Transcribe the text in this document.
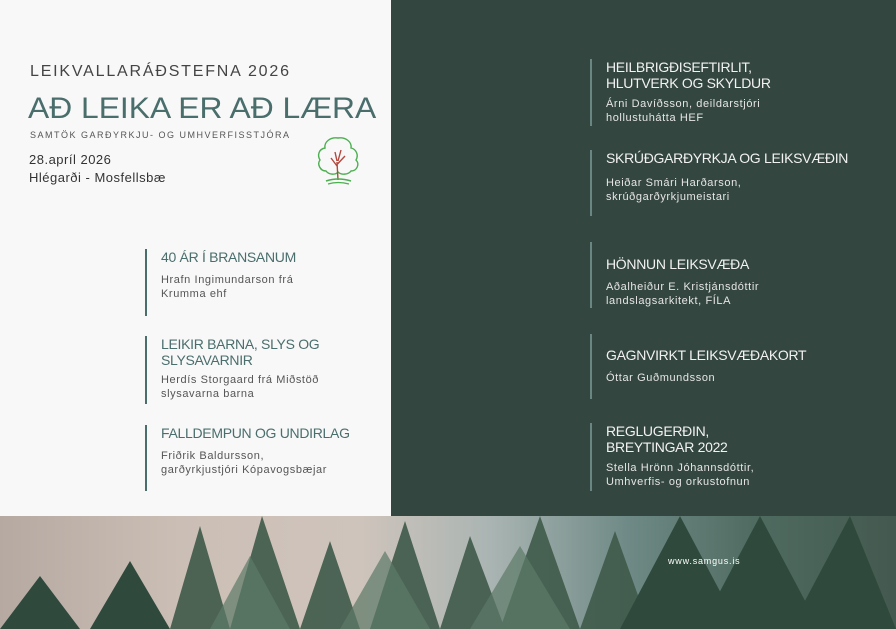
LEIKVALLARÁÐSTEFNA 2026
AÐ LEIKA ER AÐ LÆRA
SAMTÖK GARÐYRKJU- OG UMHVERFISSTJÓRA
28.apríl 2026
Hlégarði - Mosfellsbæ
40 ÁR Í BRANSANUM
Hrafn Ingimundarson frá
Krumma ehf
LEIKIR BARNA, SLYS OG
SLYSAVARNIR
Herdís Storgaard frá Miðstöð
slysavarna barna
FALLDEMPUN OG UNDIRLAG
Friðrik Baldursson,
garðyrkjustjóri Kópavogsbæjar
HEILBRIGÐISEFTIRLIT,
HLUTVERK OG SKYLDUR
Árni Davíðsson, deildarstjóri
hollustuhátta HEF
SKRÚÐGARÐYRKJA OG LEIKSVÆÐIN
Heiðar Smári Harðarson,
skrúðgarðyrkjumeistari
HÖNNUN LEIKSVÆÐA
Aðalheiður E. Kristjánsdóttir
landslagsarkitekt, FÍLA
GAGNVIRKT LEIKSVÆÐAKORT
Óttar Guðmundsson
REGLUGERÐIN,
BREYTINGAR 2022
Stella Hrönn Jóhannsdóttir,
Umhverfis- og orkustofnun
www.samgus.is
